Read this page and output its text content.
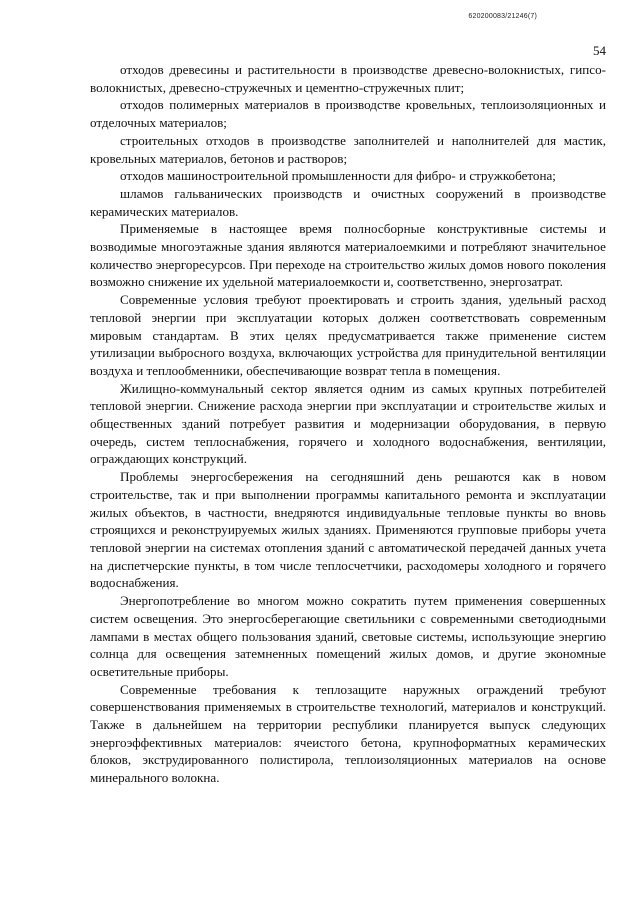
620200083/21246(7)
54

отходов древесины и растительности в производстве древесно-волокнистых, гипсо-волокнистых, древесно-стружечных и цементно-стружечных плит;

отходов полимерных материалов в производстве кровельных, теплоизоляционных и отделочных материалов;

строительных отходов в производстве заполнителей и наполнителей для мастик, кровельных материалов, бетонов и растворов;

отходов машиностроительной промышленности для фибро- и стружкобетона;

шламов гальванических производств и очистных сооружений в производстве керамических материалов.

Применяемые в настоящее время полносборные конструктивные системы и возводимые многоэтажные здания являются материалоемкими и потребляют значительное количество энергоресурсов. При переходе на строительство жилых домов нового поколения возможно снижение их удельной материалоемкости и, соответственно, энергозатрат.

Современные условия требуют проектировать и строить здания, удельный расход тепловой энергии при эксплуатации которых должен соответствовать современным мировым стандартам. В этих целях предусматривается также применение систем утилизации выбросного воздуха, включающих устройства для принудительной вентиляции воздуха и теплообменники, обеспечивающие возврат тепла в помещения.

Жилищно-коммунальный сектор является одним из самых крупных потребителей тепловой энергии. Снижение расхода энергии при эксплуатации и строительстве жилых и общественных зданий потребует развития и модернизации оборудования, в первую очередь, систем теплоснабжения, горячего и холодного водоснабжения, вентиляции, ограждающих конструкций.

Проблемы энергосбережения на сегодняшний день решаются как в новом строительстве, так и при выполнении программы капитального ремонта и эксплуатации жилых объектов, в частности, внедряются индивидуальные тепловые пункты во вновь строящихся и реконструируемых жилых зданиях. Применяются групповые приборы учета тепловой энергии на системах отопления зданий с автоматической передачей данных учета на диспетчерские пункты, в том числе теплосчетчики, расходомеры холодного и горячего водоснабжения.

Энергопотребление во многом можно сократить путем применения совершенных систем освещения. Это энергосберегающие светильники с современными светодиодными лампами в местах общего пользования зданий, световые системы, использующие энергию солнца для освещения затемненных помещений жилых домов, и другие экономные осветительные приборы.

Современные требования к теплозащите наружных ограждений требуют совершенствования применяемых в строительстве технологий, материалов и конструкций. Также в дальнейшем на территории республики планируется выпуск следующих энергоэффективных материалов: ячеистого бетона, крупноформатных керамических блоков, экструдированного полистирола, теплоизоляционных материалов на основе минерального волокна.
